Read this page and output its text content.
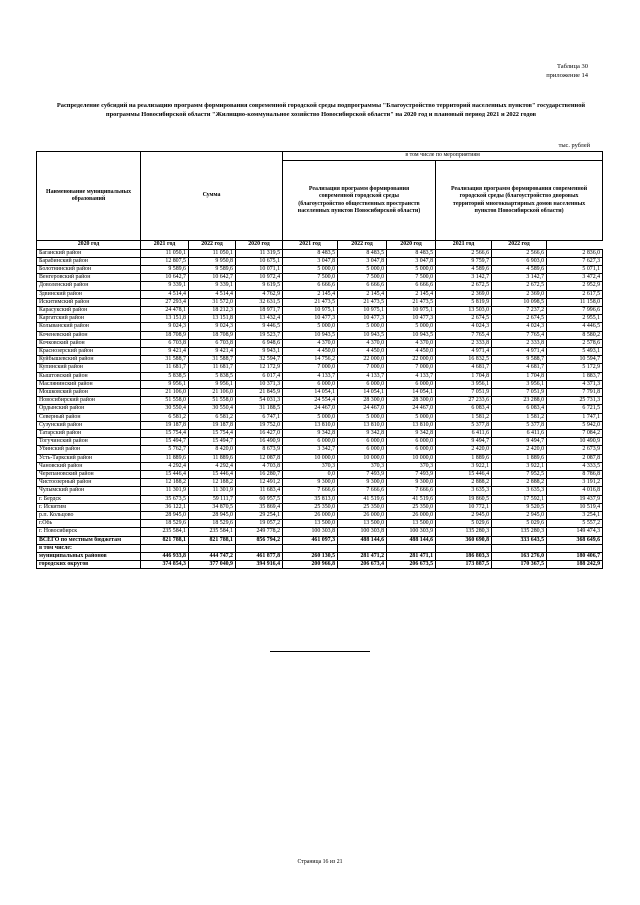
Таблица 30
приложение 14
Распределение субсидий на реализацию программ формирования современной городской среды подпрограммы "Благоустройство территорий населенных пунктов" государственной программы Новосибирской области "Жилищно-коммунальное хозяйство Новосибирской области" на 2020 год и плановый период 2021 и 2022 годов
тыс. рублей
Наименование муниципальных образований	Сумма			в том числе по мероприятиям					
				Реализация программ формирования современной городской среды (благоустройство общественных пространств населенных пунктов Новосибирской области)			Реализация программ формирования современной городской среды (благоустройство дворовых территорий многоквартирных домов населенных пунктов Новосибирской области)		

2020 год	2021 год	2022 год	2020 год	2021 год	2022 год	2020 год	2021 год	2022 год	
Баганский район	11 050,1	11 050,1	11 319,5	8 483,5	8 483,5	8 483,5	2 566,6	2 566,6	2 836,0
Барабинский район	12 807,5	9 950,8	10 675,1	3 047,8	3 047,8	3 047,8	9 759,7	6 903,0	7 627,3
Болотнинский район	9 589,6	9 589,6	10 071,1	5 000,0	5 000,0	5 000,0	4 589,6	4 589,6	5 071,1
Венгеровский район	10 642,7	10 642,7	10 972,4	7 500,0	7 500,0	7 500,0	3 142,7	3 142,7	3 472,4
Доволенский район	9 339,1	9 339,1	9 619,5	6 666,6	6 666,6	6 666,6	2 672,5	2 672,5	2 952,9
Здвинский район	4 514,4	4 514,4	4 762,9	2 145,4	2 145,4	2 145,4	2 369,0	2 369,0	2 617,5
Искитимский район	27 293,4	31 572,0	32 631,5	21 473,5	21 473,5	21 473,5	5 819,9	10 098,5	11 158,0
Карасукский район	24 478,1	18 212,3	18 971,7	10 975,1	10 975,1	10 975,1	13 503,0	7 237,2	7 996,6
Каргатский район	13 151,8	13 151,8	13 432,4	10 477,3	10 477,3	10 477,3	2 674,5	2 674,5	2 955,1
Колыванский район	9 024,3	9 024,3	9 446,5	5 000,0	5 000,0	5 000,0	4 024,3	4 024,3	4 446,5
Коченевский район	18 708,9	18 708,9	19 523,7	10 943,5	10 943,5	10 943,5	7 765,4	7 765,4	8 580,2
Кочковский район	6 703,8	6 703,8	6 948,6	4 370,0	4 370,0	4 370,0	2 333,8	2 333,8	2 578,6
Краснозерский район	9 421,4	9 421,4	9 943,1	4 450,0	4 450,0	4 450,0	4 971,4	4 971,4	5 493,1
Куйбышевский район	31 588,7	31 588,7	32 594,7	14 756,2	22 000,0	22 000,0	16 832,5	9 588,7	10 594,7
Купинский район	11 681,7	11 681,7	12 172,9	7 000,0	7 000,0	7 000,0	4 681,7	4 681,7	5 172,9
Кыштовский район	5 838,5	5 838,5	6 017,4	4 133,7	4 133,7	4 133,7	1 704,8	1 704,8	1 883,7
Маслянинский район	9 956,1	9 956,1	10 371,3	6 000,0	6 000,0	6 000,0	3 956,1	3 956,1	4 371,3
Мошковский район	21 106,0	21 106,0	21 845,9	14 054,1	14 054,1	14 054,1	7 051,9	7 051,9	7 791,8
Новосибирский район	51 558,0	51 558,0	54 031,3	24 554,4	28 300,0	28 300,0	27 233,6	23 288,0	25 731,3
Ордынский район	30 550,4	30 550,4	31 188,5	24 467,0	24 467,0	24 467,0	6 083,4	6 083,4	6 721,5
Северный район	6 581,2	6 581,2	6 747,1	5 000,0	5 000,0	5 000,0	1 581,2	1 581,2	1 747,1
Сузунский район	19 187,8	19 187,8	19 752,0	13 810,0	13 810,0	13 810,0	5 377,8	5 377,8	5 942,0
Татарский район	15 754,4	15 754,4	16 427,0	9 342,8	9 342,8	9 342,8	6 411,6	6 411,6	7 084,2
Тогучинский район	15 494,7	15 494,7	16 490,9	6 000,0	6 000,0	6 000,0	9 494,7	9 494,7	10 490,9
Убинский район	5 762,7	8 420,0	8 673,9	3 342,7	6 000,0	6 000,0	2 420,0	2 420,0	2 673,9
Усть-Таркский район	11 889,6	11 889,6	12 087,8	10 000,0	10 000,0	10 000,0	1 889,6	1 889,6	2 087,8
Чановский район	4 292,4	4 292,4	4 703,8	370,3	370,3	370,3	3 922,1	3 922,1	4 333,5
Черепановский район	15 446,4	15 446,4	16 280,7	0,0	7 493,9	7 493,9	15 446,4	7 952,5	8 786,8
Чистоозерный район	12 188,2	12 188,2	12 491,2	9 300,0	9 300,0	9 300,0	2 888,2	2 888,2	3 191,2
Чулымский район	11 301,9	11 301,9	11 683,4	7 666,6	7 666,6	7 666,6	3 635,3	3 635,3	4 016,8
г. Бердск	35 673,5	59 111,7	60 957,5	35 813,0	41 519,6	41 519,6	19 860,5	17 592,1	19 437,9
г. Искитим	36 122,1	34 870,5	35 869,4	25 350,0	25 350,0	25 350,0	10 772,1	9 520,5	10 519,4
р.п. Кольцово	28 945,0	28 945,0	29 254,1	26 000,0	26 000,0	26 000,0	2 945,0	2 945,0	3 254,1
г.Обь	18 529,6	18 529,6	19 057,2	13 500,0	13 500,0	13 500,0	5 029,6	5 029,6	5 557,2
г. Новосибирск	235 584,1	235 584,1	249 778,2	100 303,8	100 303,8	100 303,9	135 280,3	135 280,3	149 474,3
ВСЕГО по местным бюджетам	821 788,1	821 788,1	856 794,2	461 097,3	488 144,6	488 144,6	360 690,8	333 643,5	368 649,6
в том числе:									
муниципальных районов	446 933,8	444 747,2	461 877,8	260 130,5	281 471,2	281 471,1	186 803,3	163 276,0	180 406,7
городских округов	374 854,3	377 040,9	394 916,4	200 966,8	206 673,4	206 673,5	173 887,5	170 367,5	188 242,9
Страница 16 из 21
